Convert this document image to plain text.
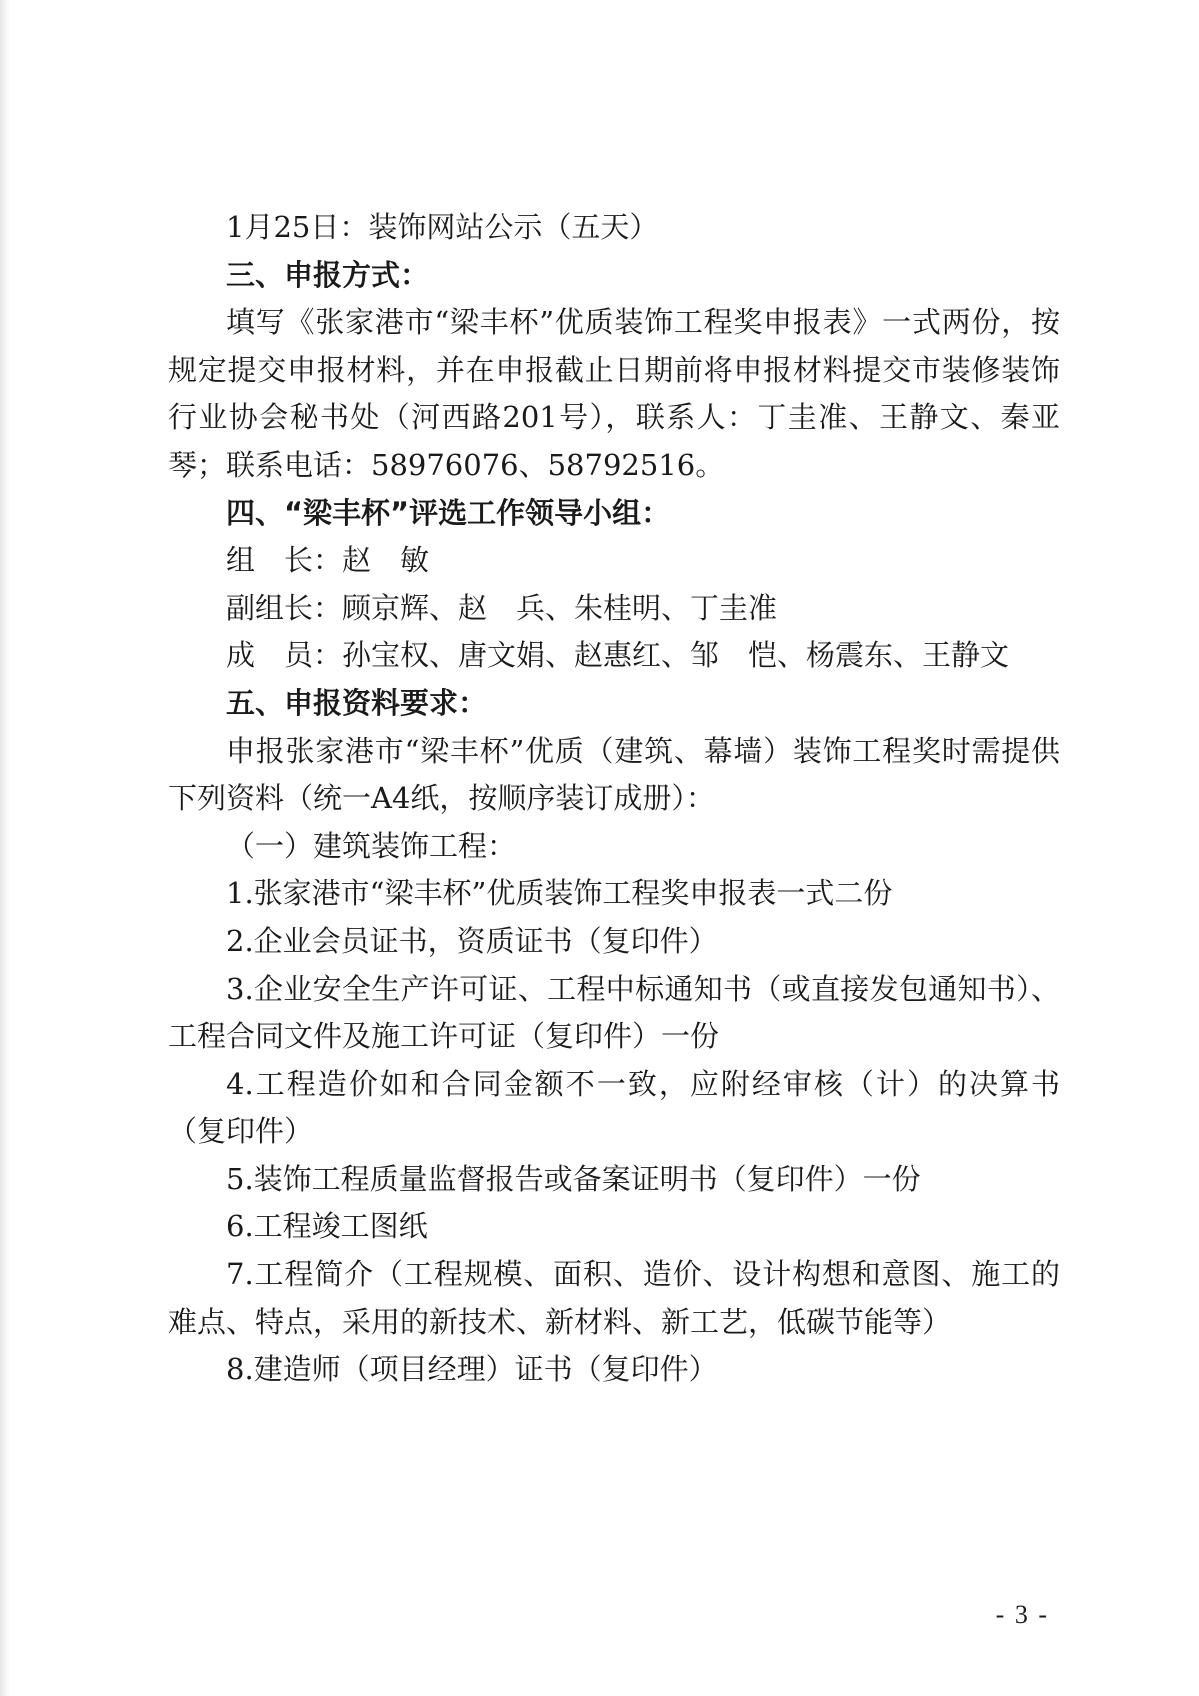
1月25日：装饰网站公示（五天）

三、申报方式：

填写《张家港市“梁丰杯”优质装饰工程奖申报表》一式两份，按规定提交申报材料，并在申报截止日期前将申报材料提交市装修装饰行业协会秘书处（河西路201号），联系人：丁圭准、王静文、秦亚琴；联系电话：58976076、58792516。

四、“梁丰杯”评选工作领导小组：

组　长：赵　敏

副组长：顾京辉、赵　兵、朱桂明、丁圭准

成　员：孙宝权、唐文娟、赵惠红、邹　恺、杨震东、王静文

五、申报资料要求：

申报张家港市“梁丰杯”优质（建筑、幕墙）装饰工程奖时需提供下列资料（统一A4纸，按顺序装订成册）：

（一）建筑装饰工程：

1.张家港市“梁丰杯”优质装饰工程奖申报表一式二份

2.企业会员证书，资质证书（复印件）

3.企业安全生产许可证、工程中标通知书（或直接发包通知书）、工程合同文件及施工许可证（复印件）一份

4.工程造价如和合同金额不一致，应附经审核（计）的决算书（复印件）

5.装饰工程质量监督报告或备案证明书（复印件）一份

6.工程竣工图纸

7.工程简介（工程规模、面积、造价、设计构想和意图、施工的难点、特点，采用的新技术、新材料、新工艺，低碳节能等）

8.建造师（项目经理）证书（复印件）

- 3 -
